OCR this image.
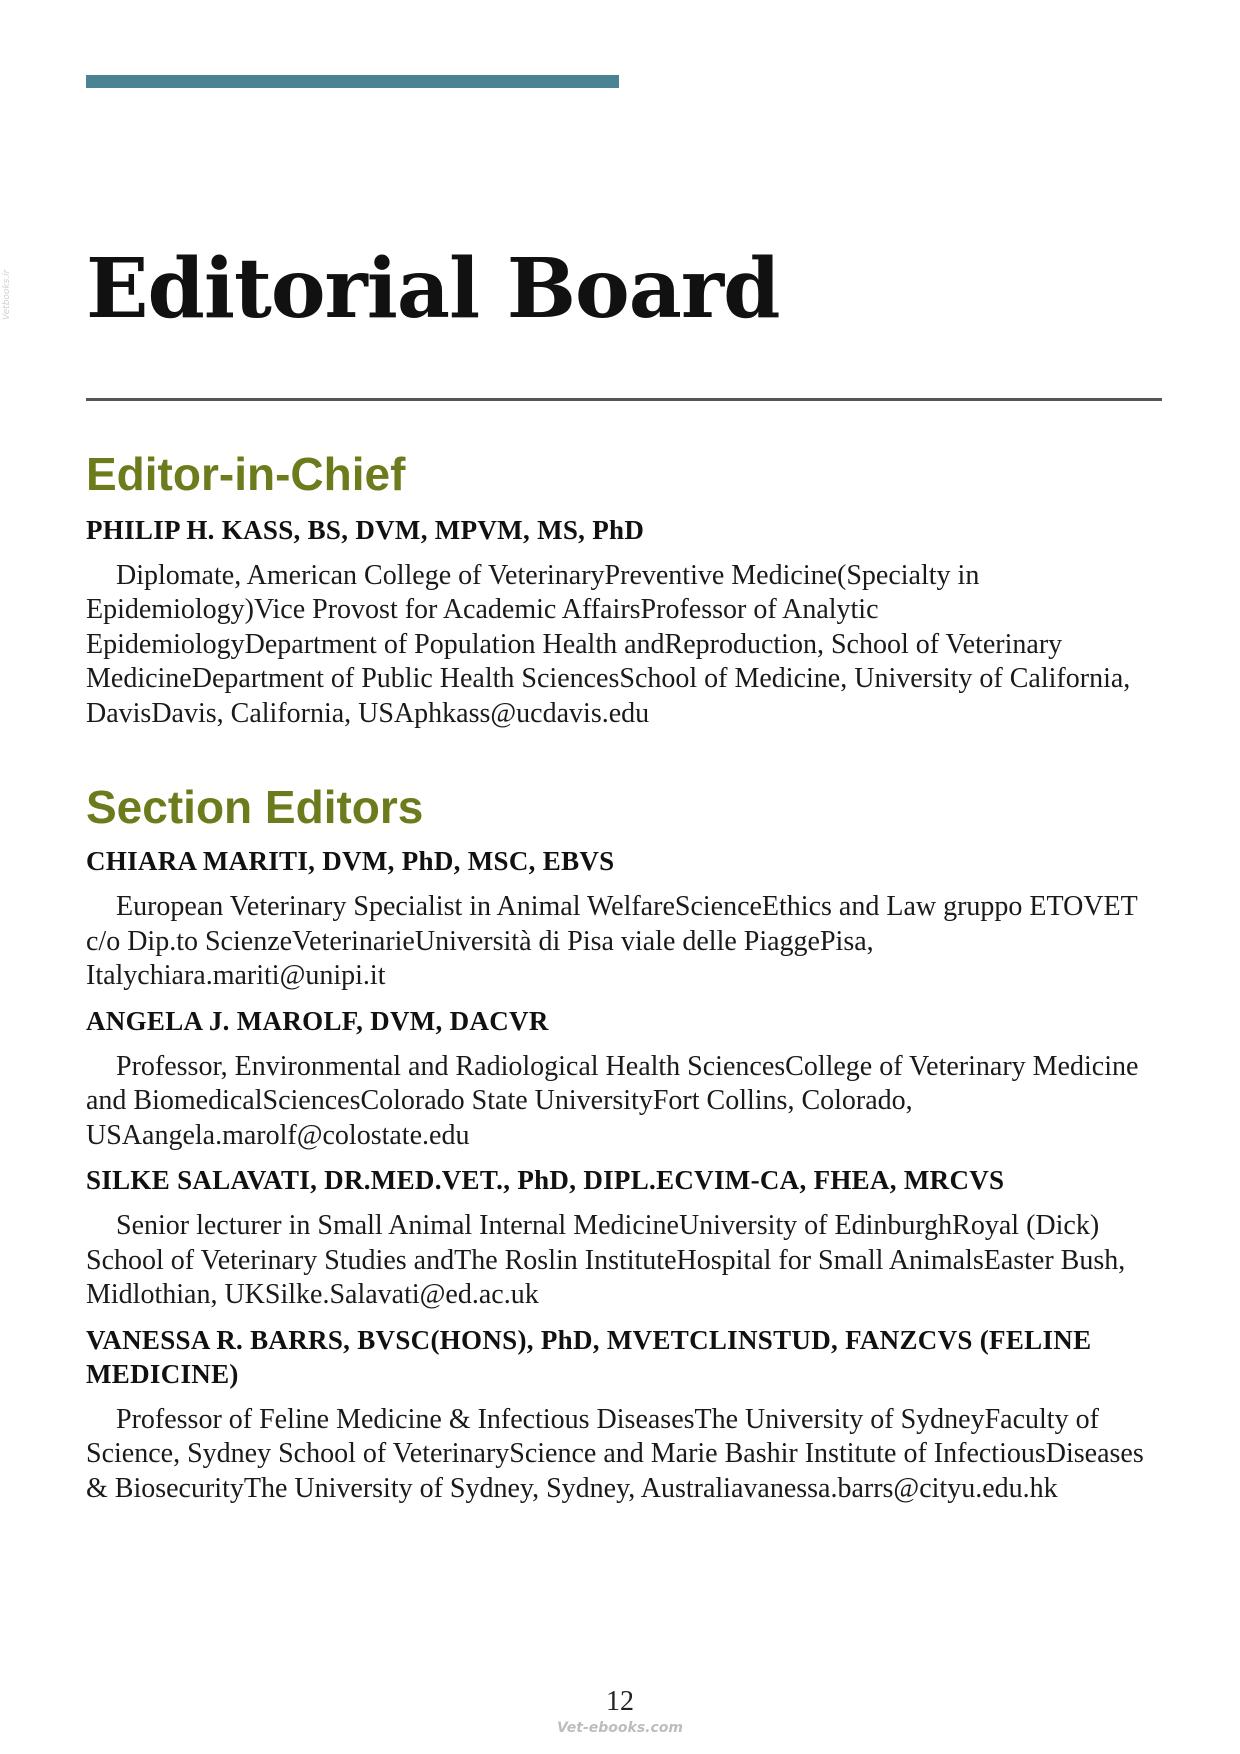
Vetbooks.ir Editorial Board
Editor-in-Chief
PHILIP H. KASS, BS, DVM, MPVM, MS, PhD
Diplomate, American College of VeterinaryPreventive Medicine(Specialty in Epidemiology)Vice Provost for Academic AffairsProfessor of Analytic EpidemiologyDepartment of Population Health andReproduction, School of Veterinary MedicineDepartment of Public Health SciencesSchool of Medicine, University of California, DavisDavis, California, USAphkass@ucdavis.edu
Section Editors
CHIARA MARITI, DVM, PhD, MSC, EBVS
European Veterinary Specialist in Animal WelfareScienceEthics and Law gruppo ETOVET c/o Dip.to ScienzeVeterinarieUniversità di Pisa viale delle PiaggePisa, Italychiara.mariti@unipi.it
ANGELA J. MAROLF, DVM, DACVR
Professor, Environmental and Radiological Health SciencesCollege of Veterinary Medicine and BiomedicalSciencesColorado State UniversityFort Collins, Colorado, USAangela.marolf@colostate.edu
SILKE SALAVATI, DR.MED.VET., PhD, DIPL.ECVIM-CA, FHEA, MRCVS
Senior lecturer in Small Animal Internal MedicineUniversity of EdinburghRoyal (Dick) School of Veterinary Studies andThe Roslin InstituteHospital for Small AnimalsEaster Bush, Midlothian, UKSilke.Salavati@ed.ac.uk
VANESSA R. BARRS, BVSC(HONS), PhD, MVETCLINSTUD, FANZCVS (FELINE MEDICINE)
Professor of Feline Medicine & Infectious DiseasesThe University of SydneyFaculty of Science, Sydney School of VeterinaryScience and Marie Bashir Institute of InfectiousDiseases & BiosecurityThe University of Sydney, Sydney, Australiavanessa.barrs@cityu.edu.hk
12
Vet-ebooks.com
